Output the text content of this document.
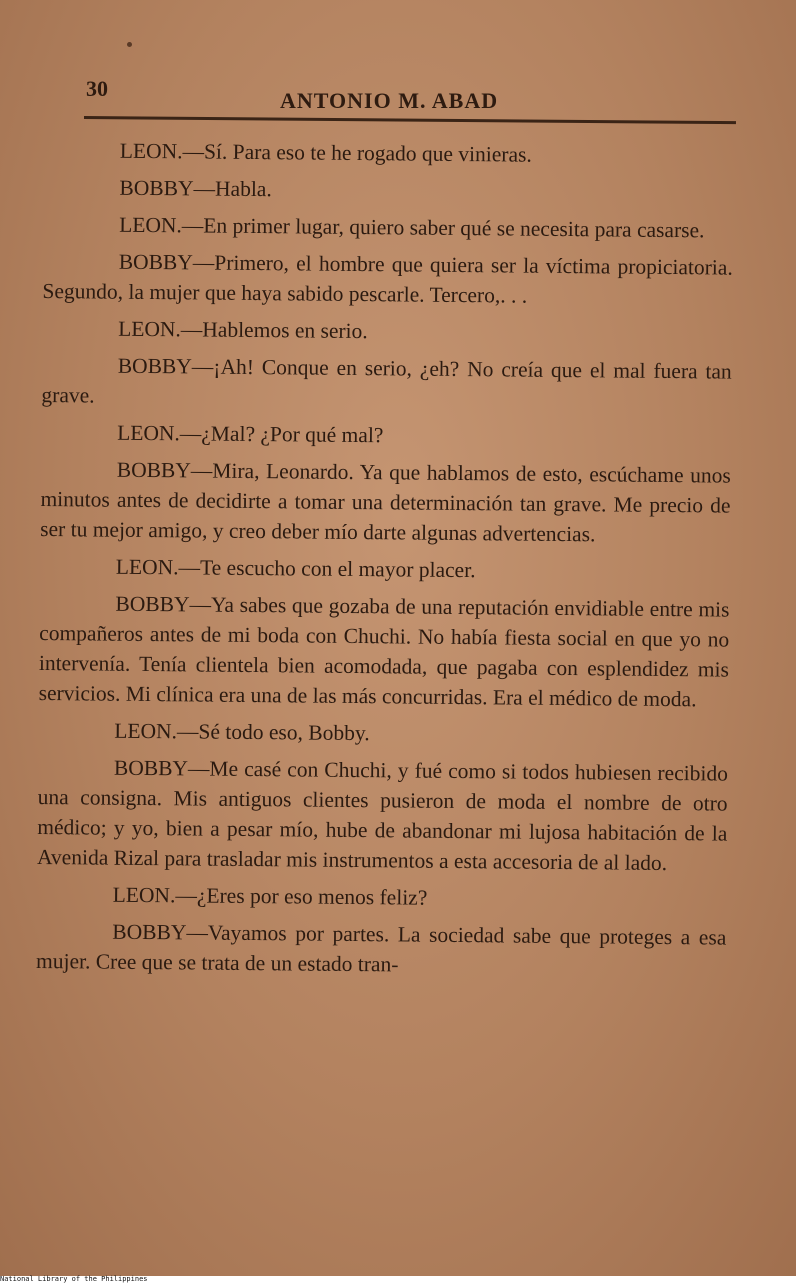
30	ANTONIO M. ABAD

LEON.—Sí. Para eso te he rogado que vinieras.

BOBBY—Habla.

LEON.—En primer lugar, quiero saber qué se necesita para casarse.

BOBBY—Primero, el hombre que quiera ser la víctima propiciatoria. Segundo, la mujer que haya sabido pescarle. Tercero,. . .

LEON.—Hablemos en serio.

BOBBY—¡Ah! Conque en serio, ¿eh? No creía que el mal fuera tan grave.

LEON.—¿Mal? ¿Por qué mal?

BOBBY—Mira, Leonardo. Ya que hablamos de esto, escúchame unos minutos antes de decidirte a tomar una determinación tan grave. Me precio de ser tu mejor amigo, y creo deber mío darte algunas advertencias.

LEON.—Te escucho con el mayor placer.

BOBBY—Ya sabes que gozaba de una reputación envidiable entre mis compañeros antes de mi boda con Chuchi. No había fiesta social en que yo no intervenía. Tenía clientela bien acomodada, que pagaba con esplendidez mis servicios. Mi clínica era una de las más concurridas. Era el médico de moda.

LEON.—Sé todo eso, Bobby.

BOBBY—Me casé con Chuchi, y fué como si todos hubiesen recibido una consigna. Mis antiguos clientes pusieron de moda el nombre de otro médico; y yo, bien a pesar mío, hube de abandonar mi lujosa habitación de la Avenida Rizal para trasladar mis instrumentos a esta accesoria de al lado.

LEON.—¿Eres por eso menos feliz?

BOBBY—Vayamos por partes. La sociedad sabe que proteges a esa mujer. Cree que se trata de un estado tran-

National Library of the Philippines
